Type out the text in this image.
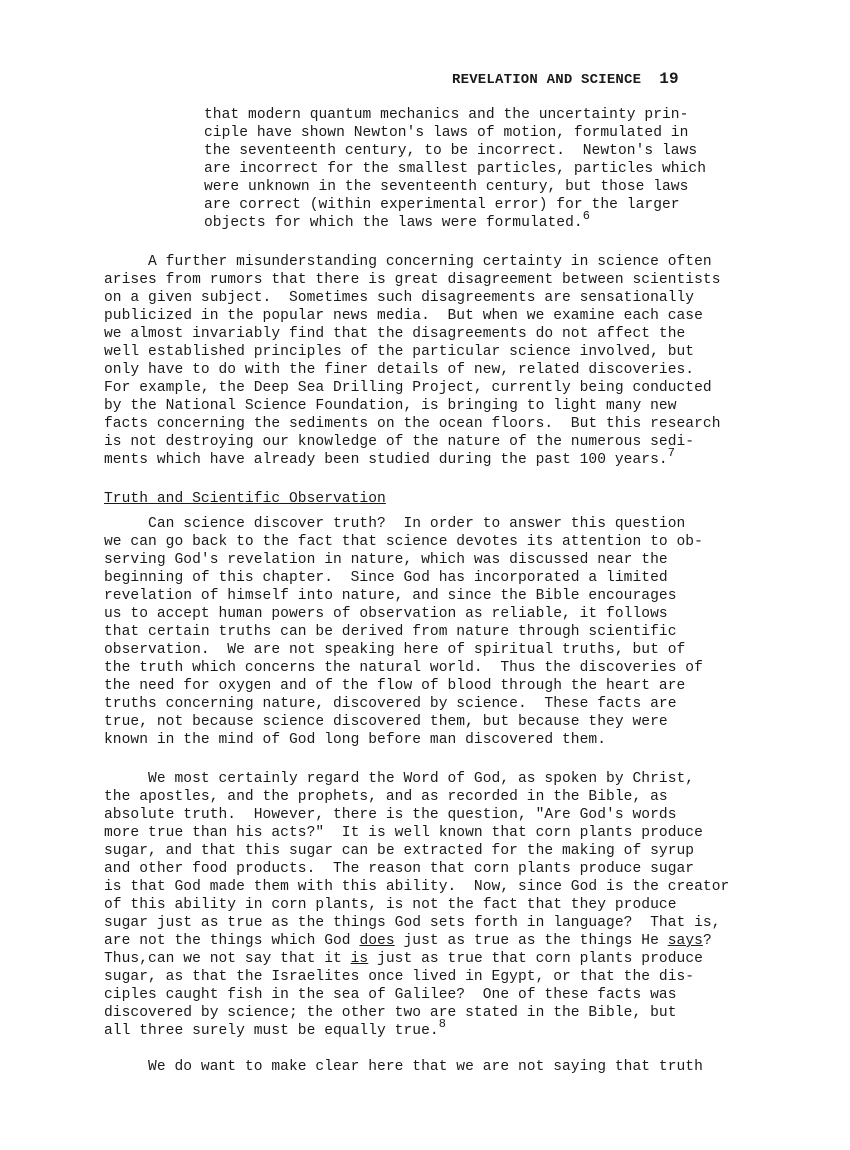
REVELATION AND SCIENCE 19
that modern quantum mechanics and the uncertainty prin-
ciple have shown Newton's laws of motion, formulated in
the seventeenth century, to be incorrect.  Newton's laws
are incorrect for the smallest particles, particles which
were unknown in the seventeenth century, but those laws
are correct (within experimental error) for the larger
objects for which the laws were formulated.$^6$
A further misunderstanding concerning certainty in science often
arises from rumors that there is great disagreement between scientists
on a given subject.  Sometimes such disagreements are sensationally
publicized in the popular news media.  But when we examine each case
we almost invariably find that the disagreements do not affect the
well established principles of the particular science involved, but
only have to do with the finer details of new, related discoveries.
For example, the Deep Sea Drilling Project, currently being conducted
by the National Science Foundation, is bringing to light many new
facts concerning the sediments on the ocean floors.  But this research
is not destroying our knowledge of the nature of the numerous sedi-
ments which have already been studied during the past 100 years.$^7$
Truth and Scientific Observation
Can science discover truth?  In order to answer this question
we can go back to the fact that science devotes its attention to ob-
serving God's revelation in nature, which was discussed near the
beginning of this chapter.  Since God has incorporated a limited
revelation of himself into nature, and since the Bible encourages
us to accept human powers of observation as reliable, it follows
that certain truths can be derived from nature through scientific
observation.  We are not speaking here of spiritual truths, but of
the truth which concerns the natural world.  Thus the discoveries of
the need for oxygen and of the flow of blood through the heart are
truths concerning nature, discovered by science.  These facts are
true, not because science discovered them, but because they were
known in the mind of God long before man discovered them.
We most certainly regard the Word of God, as spoken by Christ,
the apostles, and the prophets, and as recorded in the Bible, as
absolute truth.  However, there is the question, "Are God's words
more true than his acts?"  It is well known that corn plants produce
sugar, and that this sugar can be extracted for the making of syrup
and other food products.  The reason that corn plants produce sugar
is that God made them with this ability.  Now, since God is the creator
of this ability in corn plants, is not the fact that they produce
sugar just as true as the things God sets forth in language?  That is,
are not the things which God does just as true as the things He says?
Thus,can we not say that it is just as true that corn plants produce
sugar, as that the Israelites once lived in Egypt, or that the dis-
ciples caught fish in the sea of Galilee?  One of these facts was
discovered by science; the other two are stated in the Bible, but
all three surely must be equally true.$^8$
We do want to make clear here that we are not saying that truth
